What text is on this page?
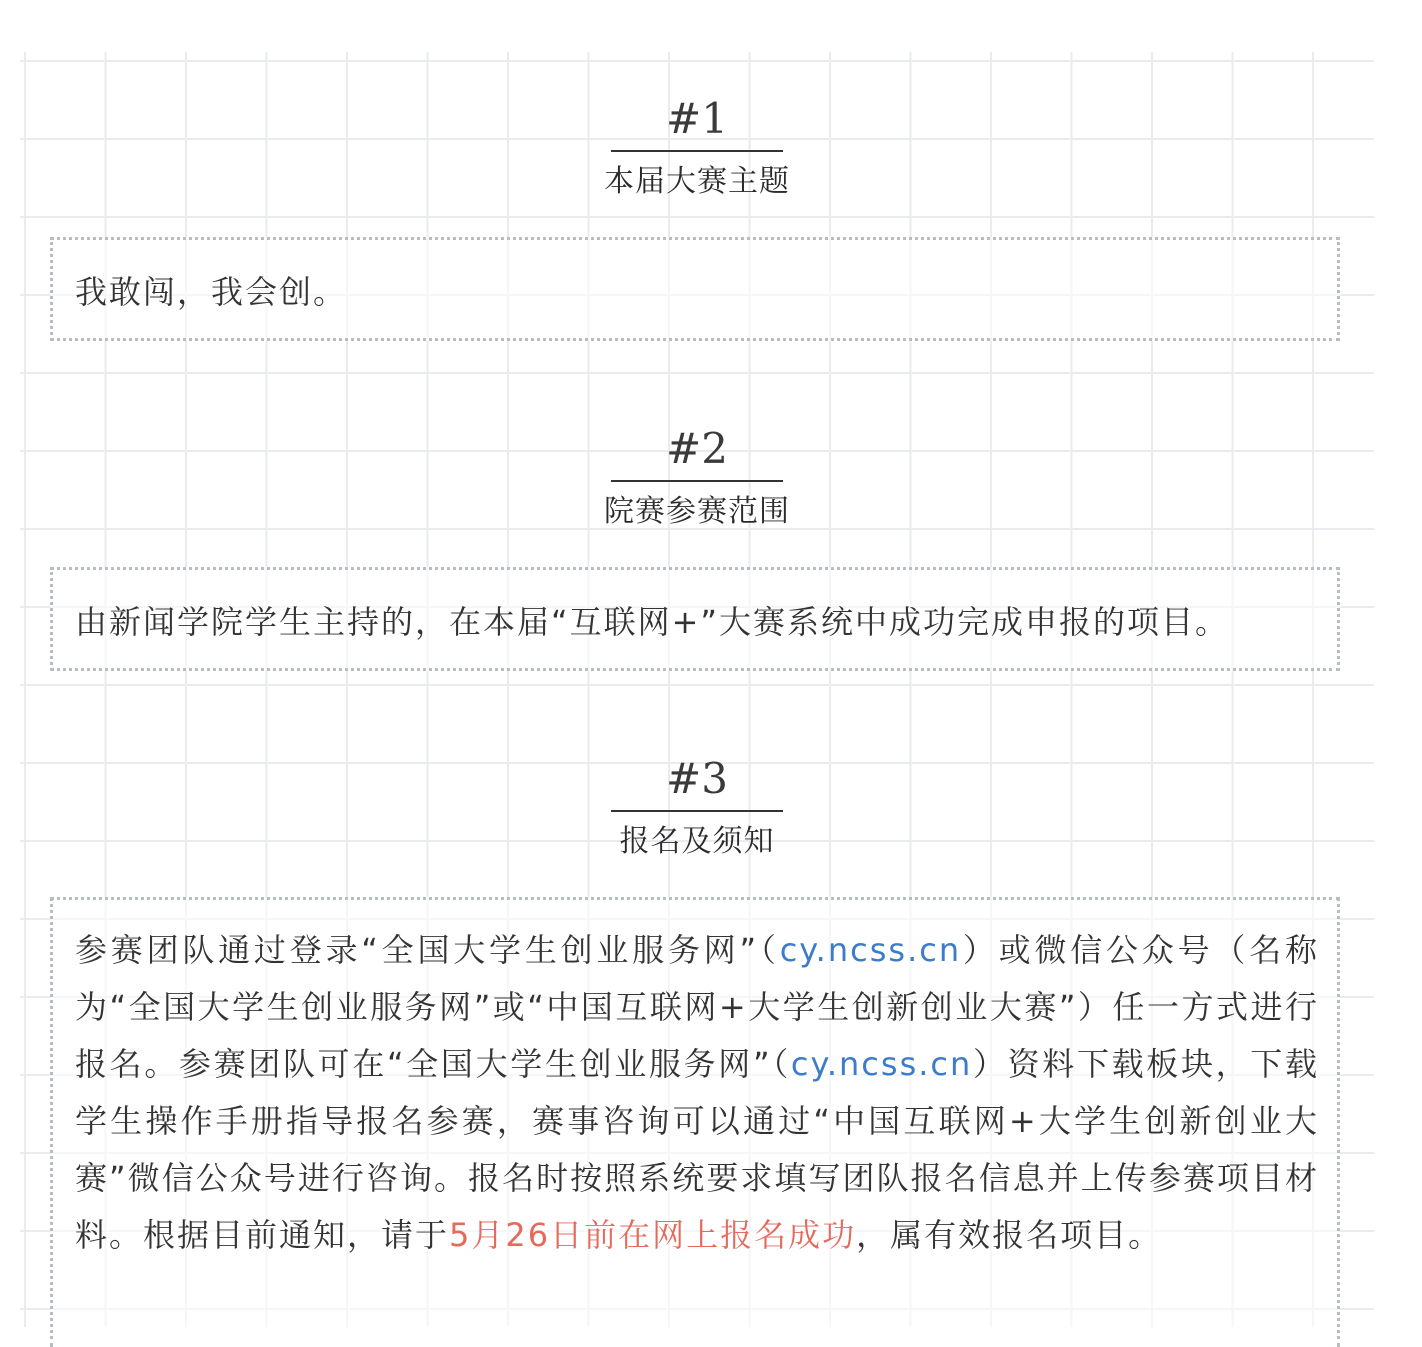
#1
本届大赛主题

我敢闯，我会创。

#2
院赛参赛范围

由新闻学院学生主持的，在本届“互联网+”大赛系统中成功完成申报的项目。

#3
报名及须知

参赛团队通过登录“全国大学生创业服务网”（cy.ncss.cn）或微信公众号（名称为“全国大学生创业服务网”或“中国互联网+大学生创新创业大赛”）任一方式进行报名。参赛团队可在“全国大学生创业服务网”（cy.ncss.cn）资料下载板块，下载学生操作手册指导报名参赛，赛事咨询可以通过“中国互联网+大学生创新创业大赛”微信公众号进行咨询。报名时按照系统要求填写团队报名信息并上传参赛项目材料。根据目前通知，请于5月26日前在网上报名成功，属有效报名项目。
